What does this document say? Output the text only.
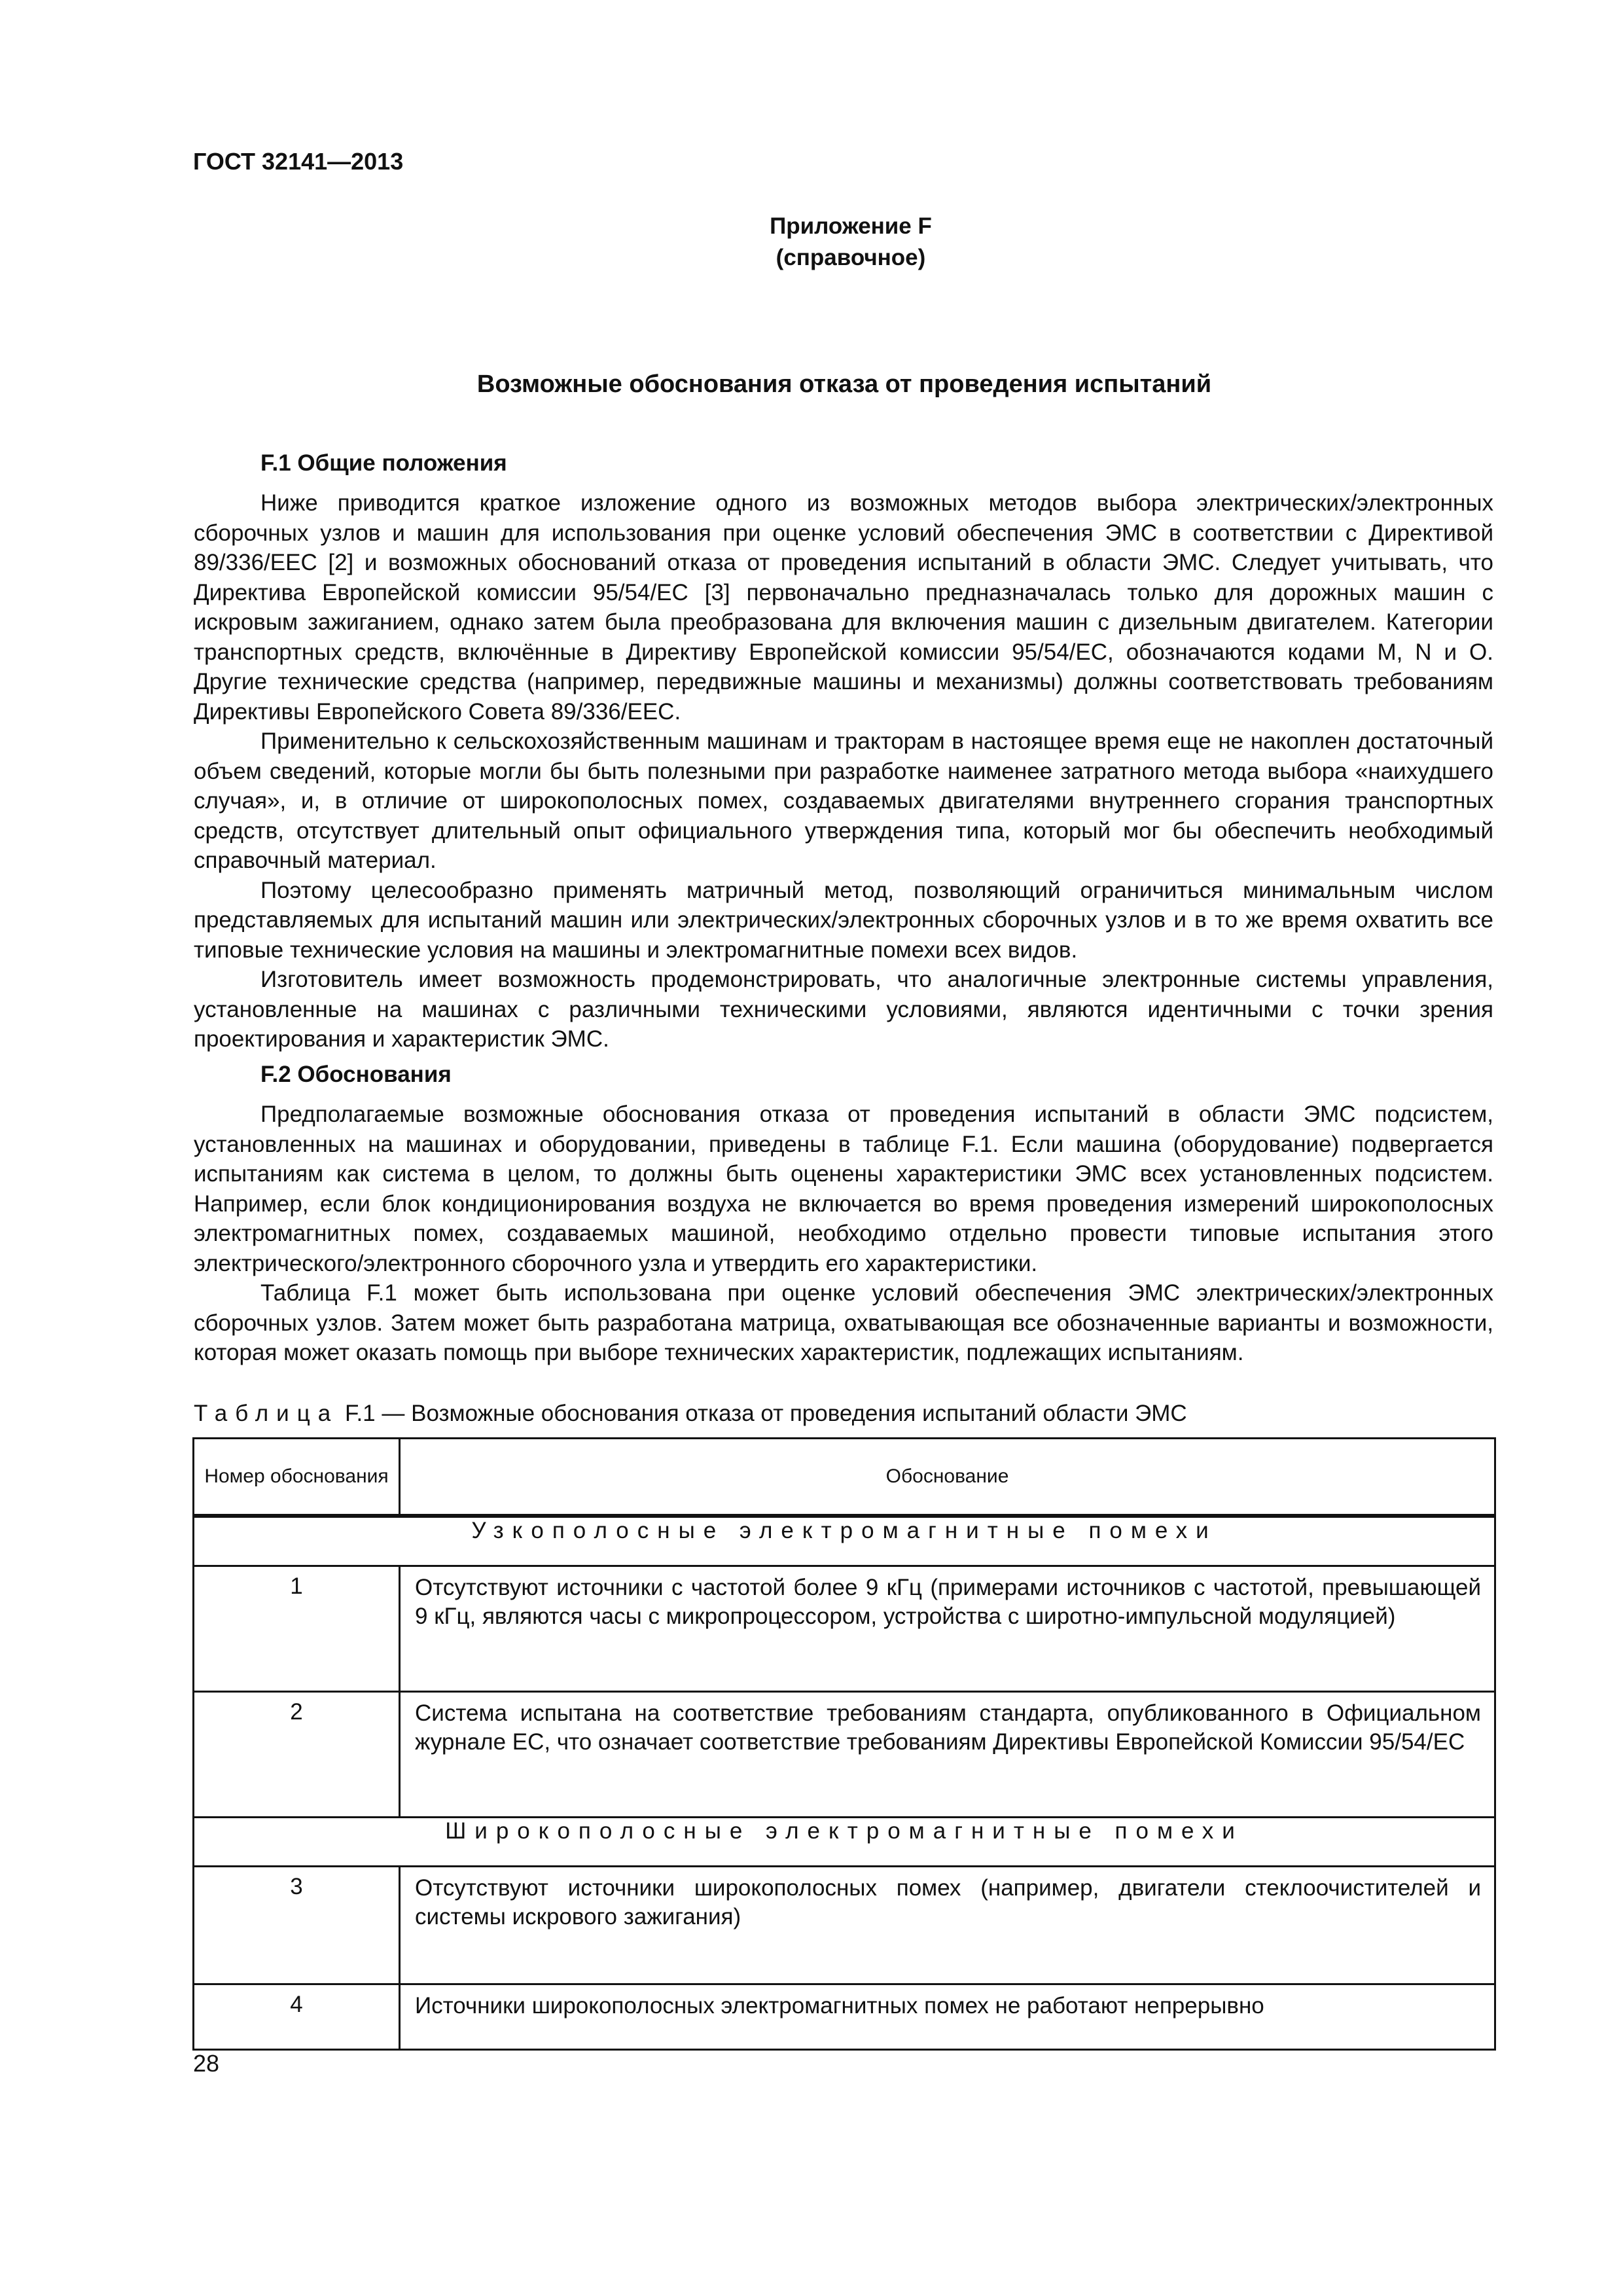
ГОСТ 32141—2013
Приложение F
(справочное)
Возможные обоснования отказа от проведения испытаний
F.1 Общие положения

Ниже приводится краткое изложение одного из возможных методов выбора электрических/электронных сборочных узлов и машин для использования при оценке условий обеспечения ЭМС в соответствии с Директивой 89/336/ЕЕС [2] и возможных обоснований отказа от проведения испытаний в области ЭМС. Следует учитывать, что Директива Европейской комиссии 95/54/ЕС [3] первоначально предназначалась только для дорожных машин с искровым зажиганием, однако затем была преобразована для включения машин с дизельным двигателем. Категории транспортных средств, включённые в Директиву Европейской комиссии 95/54/ЕС, обозначаются кодами М, N и О. Другие технические средства (например, передвижные машины и механизмы) должны соответствовать требованиям Директивы Европейского Совета 89/336/ЕЕС.

Применительно к сельскохозяйственным машинам и тракторам в настоящее время еще не накоплен достаточный объем сведений, которые могли бы быть полезными при разработке наименее затратного метода выбора «наихудшего случая», и, в отличие от широкополосных помех, создаваемых двигателями внутреннего сгорания транспортных средств, отсутствует длительный опыт официального утверждения типа, который мог бы обеспечить необходимый справочный материал.

Поэтому целесообразно применять матричный метод, позволяющий ограничиться минимальным числом представляемых для испытаний машин или электрических/электронных сборочных узлов и в то же время охватить все типовые технические условия на машины и электромагнитные помехи всех видов.

Изготовитель имеет возможность продемонстрировать, что аналогичные электронные системы управления, установленные на машинах с различными техническими условиями, являются идентичными с точки зрения проектирования и характеристик ЭМС.

F.2 Обоснования

Предполагаемые возможные обоснования отказа от проведения испытаний в области ЭМС подсистем, установленных на машинах и оборудовании, приведены в таблице F.1. Если машина (оборудование) подвергается испытаниям как система в целом, то должны быть оценены характеристики ЭМС всех установленных подсистем. Например, если блок кондиционирования воздуха не включается во время проведения измерений широкополосных электромагнитных помех, создаваемых машиной, необходимо отдельно провести типовые испытания этого электрического/электронного сборочного узла и утвердить его характеристики.

Таблица F.1 может быть использована при оценке условий обеспечения ЭМС электрических/электронных сборочных узлов. Затем может быть разработана матрица, охватывающая все обозначенные варианты и возможности, которая может оказать помощь при выборе технических характеристик, подлежащих испытаниям.

Таблица F.1 — Возможные обоснования отказа от проведения испытаний области ЭМС
Номер обоснования	Обоснование
Узкополосные электромагнитные помехи	
1	Отсутствуют источники с частотой более 9 кГц (примерами источников с частотой, превышающей 9 кГц, являются часы с микропроцессором, устройства с широтно-импульсной модуляцией)
2	Система испытана на соответствие требованиям стандарта, опубликованного в Официальном журнале ЕС, что означает соответствие требованиям Директивы Европейской Комиссии 95/54/ЕС
Широкополосные электромагнитные помехи	
3	Отсутствуют источники широкополосных помех (например, двигатели стеклоочистителей и системы искрового зажигания)
4	Источники широкополосных электромагнитных помех не работают непрерывно
28
